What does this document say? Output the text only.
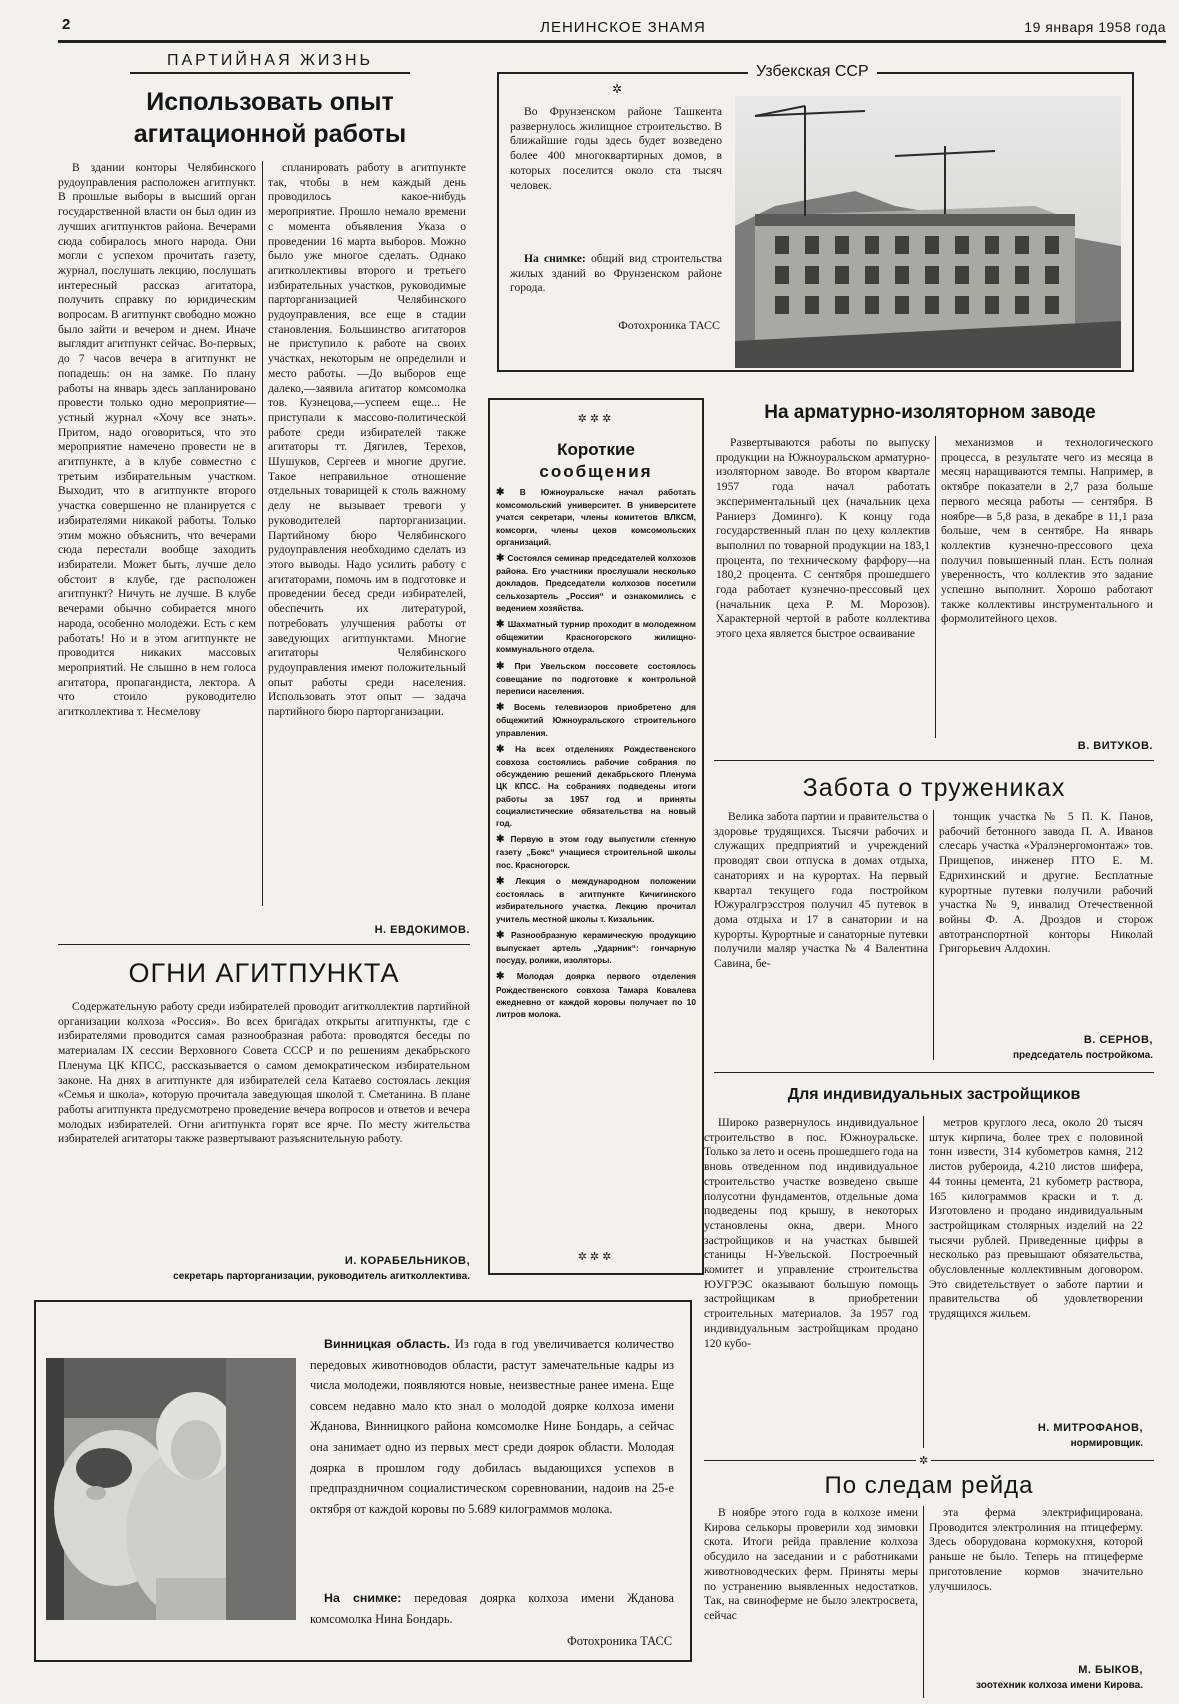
2	ЛЕНИНСКОЕ ЗНАМЯ	19 января 1958 года
ПАРТИЙНАЯ ЖИЗНЬ
Использовать опыт агитационной работы
В здании конторы Челябинского рудоуправления расположен агитпункт. В прошлые выборы в высший орган государственной власти он был один из лучших агитпунктов района. Вечерами сюда собиралось много народа. Они могли с успехом прочитать газету, журнал, послушать лекцию, послушать интересный рассказ агитатора, получить справку по юридическим вопросам. В агитпункт свободно можно было зайти и вечером и днем. Иначе выглядит агитпункт сейчас. Во-первых, до 7 часов вечера в агитпункт не попадешь: он на замке. По плану работы на январь здесь запланировано провести только одно мероприятие—устный журнал «Хочу все знать». Притом, надо оговориться, что это мероприятие намечено провести не в агитпункте, а в клубе совместно с третьим избирательным участком. Выходит, что в агитпункте второго участка совершенно не планируется с избирателями никакой работы. Только этим можно объяснить, что вечерами сюда перестали вообще заходить избиратели. Может быть, лучше дело обстоит в клубе, где расположен агитпункт? Ничуть не лучше. В клубе вечерами обычно собирается много народа, особенно молодежи. Есть с кем работать! Но и в этом агитпункте не проводится никаких массовых мероприятий. Не слышно в нем голоса агитатора, пропагандиста, лектора. А что стоило руководителю агитколлектива т. Несмелову
спланировать работу в агитпункте так, чтобы в нем каждый день проводилось какое-нибудь мероприятие. Прошло немало времени с момента объявления Указа о проведении 16 марта выборов. Можно было уже многое сделать. Однако агитколлективы второго и третьего избирательных участков, руководимые парторганизацией Челябинского рудоуправления, все еще в стадии становления. Большинство агитаторов не приступило к работе на своих участках, некоторым не определили и место работы. —До выборов еще далеко,—заявила агитатор комсомолка тов. Кузнецова,—успеем еще... Не приступали к массово-политической работе среди избирателей также агитаторы тт. Дягилев, Терехов, Шушуков, Сергеев и многие другие. Такое неправильное отношение отдельных товарищей к столь важному делу не вызывает тревоги у руководителей парторганизации. Партийному бюро Челябинского рудоуправления необходимо сделать из этого выводы. Надо усилить работу с агитаторами, помочь им в подготовке и проведении бесед среди избирателей, обеспечить их литературой, потребовать улучшения работы от заведующих агитпунктами. Многие агитаторы Челябинского рудоуправления имеют положительный опыт работы среди населения. Использовать этот опыт — задача партийного бюро парторганизации.
Н. ЕВДОКИМОВ.
ОГНИ АГИТПУНКТА
Содержательную работу среди избирателей проводит агитколлектив партийной организации колхоза «Россия». Во всех бригадах открыты агитпункты, где с избирателями проводится самая разнообразная работа: проводятся беседы по материалам IX сессии Верховного Совета СССР и по решениям декабрьского Пленума ЦК КПСС, рассказывается о самом демократическом избирательном законе. На днях в агитпункте для избирателей села Катаево состоялась лекция «Семья и школа», которую прочитала заведующая школой т. Сметанина. В плане работы агитпункта предусмотрено проведение вечера вопросов и ответов и вечера молодых избирателей. Огни агитпункта горят все ярче. По месту жительства избирателей агитаторы также развертывают разъяснительную работу.
И. КОРАБЕЛЬНИКОВ,
секретарь парторганизации, руководитель агитколлектива.
Узбекская ССР
✲
Во Фрунзенском районе Ташкента развернулось жилищное строительство. В ближайшие годы здесь будет возведено более 400 многоквартирных домов, в которых поселится около ста тысяч человек.
На снимке: общий вид строительства жилых зданий во Фрунзенском районе города.
Фотохроника ТАСС
✲✲✲
Короткие
сообщения
✱ В Южноуральске начал работать комсомольский университет. В университете учатся секретари, члены комитетов ВЛКСМ, комсорги, члены цехов комсомольских организаций.
✱ Состоялся семинар председателей колхозов района. Его участники прослушали несколько докладов. Председатели колхозов посетили сельхозартель „Россия“ и ознакомились с ведением хозяйства.
✱ Шахматный турнир проходит в молодежном общежитии Красногорского жилищно-коммунального отдела.
✱ При Увельском поссовете состоялось совещание по подготовке к контрольной переписи населения.
✱ Восемь телевизоров приобретено для общежитий Южноуральского строительного управления.
✱ На всех отделениях Рождественского совхоза состоялись рабочие собрания по обсуждению решений декабрьского Пленума ЦК КПСС. На собраниях подведены итоги работы за 1957 год и приняты социалистические обязательства на новый год.
✱ Первую в этом году выпустили стенную газету „Бокс“ учащиеся строительной школы пос. Красногорск.
✱ Лекция о международном положении состоялась в агитпункте Кичигинского избирательного участка. Лекцию прочитал учитель местной школы т. Кизальник.
✱ Разнообразную керамическую продукцию выпускает артель „Ударник“: гончарную посуду, ролики, изоляторы.
✱ Молодая доярка первого отделения Рождественского совхоза Тамара Ковалева ежедневно от каждой коровы получает по 10 литров молока.
✲✲✲
На арматурно-изоляторном заводе
Развертываются работы по выпуску продукции на Южноуральском арматурно-изоляторном заводе. Во втором квартале 1957 года начал работать экспериментальный цех (начальник цеха Раниерз Доминго). К концу года государственный план по цеху коллектив выполнил по товарной продукции на 183,1 процента, по техническому фарфору—на 180,2 процента. С сентября прошедшего года работает кузнечно-прессовый цех (начальник цеха Р. М. Морозов). Характерной чертой в работе коллектива этого цеха является быстрое осваивание
механизмов и технологического процесса, в результате чего из месяца в месяц наращиваются темпы. Например, в октябре показатели в 2,7 раза больше первого месяца работы — сентября. В ноябре—в 5,8 раза, в декабре в 11,1 раза больше, чем в сентябре. На январь коллектив кузнечно-прессового цеха получил повышенный план. Есть полная уверенность, что коллектив это задание успешно выполнит. Хорошо работают также коллективы инструментального и формолитейного цехов.
В. ВИТУКОВ.
Забота о тружениках
Велика забота партии и правительства о здоровье трудящихся. Тысячи рабочих и служащих предприятий и учреждений проводят свои отпуска в домах отдыха, санаториях и на курортах. На первый квартал текущего года постройком Южуралгрэсстроя получил 45 путевок в дома отдыха и 17 в санатории и на курорты. Курортные и санаторные путевки получили маляр участка № 4 Валентина Савина, бе-
тонщик участка № 5 П. К. Панов, рабочий бетонного завода П. А. Иванов слесарь участка «Уралэнергомонтаж» тов. Прищепов, инженер ПТО Е. М. Едрихинский и другие. Бесплатные курортные путевки получили рабочий участка № 9, инвалид Отечественной войны Ф. А. Дроздов и сторож автотранспортной конторы Николай Григорьевич Алдохин.
В. СЕРНОВ,
председатель постройкома.
Для индивидуальных застройщиков
Широко развернулось индивидуальное строительство в пос. Южноуральске. Только за лето и осень прошедшего года на вновь отведенном под индивидуальное строительство участке возведено свыше полусотни фундаментов, отдельные дома подведены под крышу, в некоторых установлены окна, двери. Много застройщиков и на участках бывшей станицы Н-Увельской. Построечный комитет и управление строительства ЮУГРЭС оказывают большую помощь застройщикам в приобретении строительных материалов. За 1957 год индивидуальным застройщикам продано 120 кубо-
метров круглого леса, около 20 тысяч штук кирпича, более трех с половиной тонн извести, 314 кубометров камня, 212 листов рубероида, 4.210 листов шифера, 44 тонны цемента, 21 кубометр раствора, 165 килограммов краски и т. д. Изготовлено и продано индивидуальным застройщикам столярных изделий на 22 тысячи рублей. Приведенные цифры в несколько раз превышают обязательства, обусловленные коллективным договором. Это свидетельствует о заботе партии и правительства об удовлетворении трудящихся жильем.
Н. МИТРОФАНОВ,
нормировщик.
✲
По следам рейда
В ноябре этого года в колхозе имени Кирова селькоры проверили ход зимовки скота. Итоги рейда правление колхоза обсудило на заседании и с работниками животноводческих ферм. Приняты меры по устранению выявленных недостатков. Так, на свиноферме не было электросвета, сейчас
эта ферма электрифицирована. Проводится электролиния на птицеферму. Здесь оборудована кормокухня, которой раньше не было. Теперь на птицеферме приготовление кормов значительно улучшилось.
М. БЫКОВ,
зоотехник колхоза имени Кирова.
Винницкая область. Из года в год увеличивается количество передовых животноводов области, растут замечательные кадры из числа молодежи, появляются новые, неизвестные ранее имена. Еще совсем недавно мало кто знал о молодой доярке колхоза имени Жданова, Винницкого района комсомолке Нине Бондарь, а сейчас она занимает одно из первых мест среди доярок области. Молодая доярка в прошлом году добилась выдающихся успехов в предпраздничном социалистическом соревновании, надоив на 25-е октября от каждой коровы по 5.689 килограммов молока.
На снимке: передовая доярка колхоза имени Жданова комсомолка Нина Бондарь.
Фотохроника ТАСС
